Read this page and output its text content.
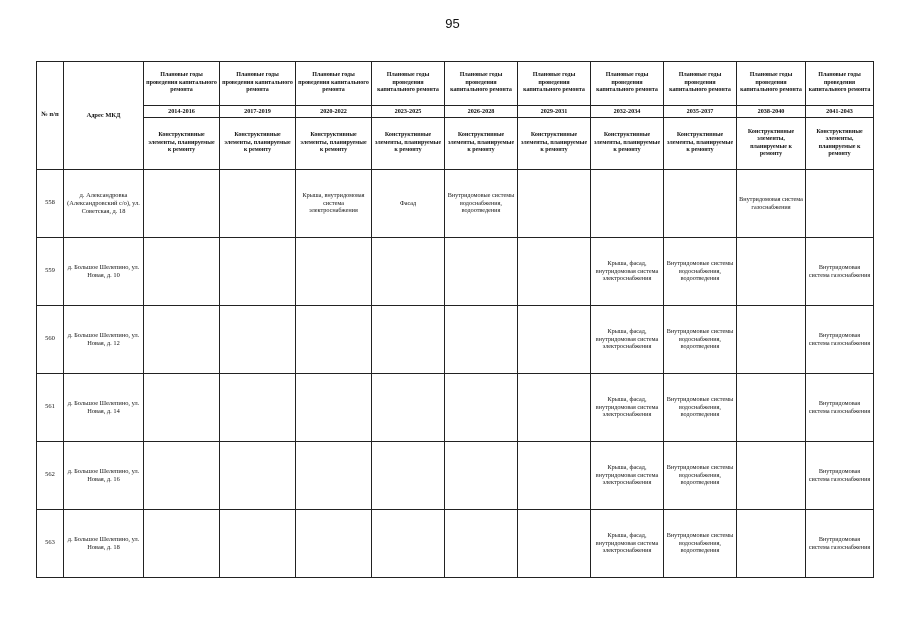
95
№ п/п	Адрес МКД	Плановые годы проведения капитального ремонта	Плановые годы проведения капитального ремонта	Плановые годы проведения капитального ремонта	Плановые годы проведения капитального ремонта	Плановые годы проведения капитального ремонта	Плановые годы проведения капитального ремонта	Плановые годы проведения капитального ремонта	Плановые годы проведения капитального ремонта	Плановые годы проведения капитального ремонта	Плановые годы проведения капитального ремонта
		2014-2016	2017-2019	2020-2022	2023-2025	2026-2028	2029-2031	2032-2034	2035-2037	2038-2040	2041-2043
		Конструктивные элементы, планируемые к ремонту	Конструктивные элементы, планируемые к ремонту	Конструктивные элементы, планируемые к ремонту	Конструктивные элементы, планируемые к ремонту	Конструктивные элементы, планируемые к ремонту	Конструктивные элементы, планируемые к ремонту	Конструктивные элементы, планируемые к ремонту	Конструктивные элементы, планируемые к ремонту	Конструктивные элементы, планируемые к ремонту	Конструктивные элементы, планируемые к ремонту
558	д. Александровка (Александровский с/о), ул. Советская, д. 18			Крыша, внутридомовая система электроснабжения	Фасад	Внутридомовые системы водоснабжения, водоотведения				Внутридомовая система газоснабжения	
559	д. Большое Шелепино, ул. Новая, д. 10							Крыша, фасад, внутридомовая система электроснабжения	Внутридомовые системы водоснабжения, водоотведения		Внутридомовая система газоснабжения
560	д. Большое Шелепино, ул. Новая, д. 12							Крыша, фасад, внутридомовая система электроснабжения	Внутридомовые системы водоснабжения, водоотведения		Внутридомовая система газоснабжения
561	д. Большое Шелепино, ул. Новая, д. 14							Крыша, фасад, внутридомовая система электроснабжения	Внутридомовые системы водоснабжения, водоотведения		Внутридомовая система газоснабжения
562	д. Большое Шелепино, ул. Новая, д. 16							Крыша, фасад, внутридомовая система электроснабжения	Внутридомовые системы водоснабжения, водоотведения		Внутридомовая система газоснабжения
563	д. Большое Шелепино, ул. Новая, д. 18							Крыша, фасад, внутридомовая система электроснабжения	Внутридомовые системы водоснабжения, водоотведения		Внутридомовая система газоснабжения
